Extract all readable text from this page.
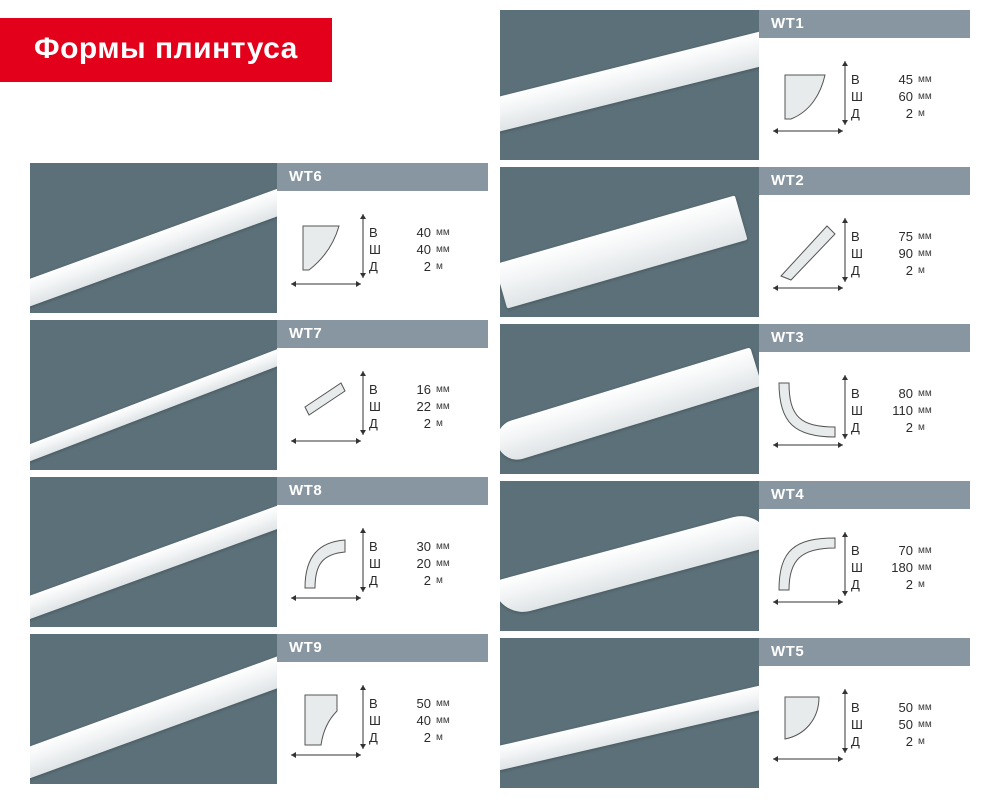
Формы плинтуса
WT6
В	40 мм
Ш	40 мм
Д	2 м
WT7
В	16 мм
Ш	22 мм
Д	2 м
WT8
В	30 мм
Ш	20 мм
Д	2 м
WT9
В	50 мм
Ш	40 мм
Д	2 м
WT1
В	45 мм
Ш	60 мм
Д	2 м
WT2
В	75 мм
Ш	90 мм
Д	2 м
WT3
В	80 мм
Ш	110 мм
Д	2 м
WT4
В	70 мм
Ш	180 мм
Д	2 м
WT5
В	50 мм
Ш	50 мм
Д	2 м
